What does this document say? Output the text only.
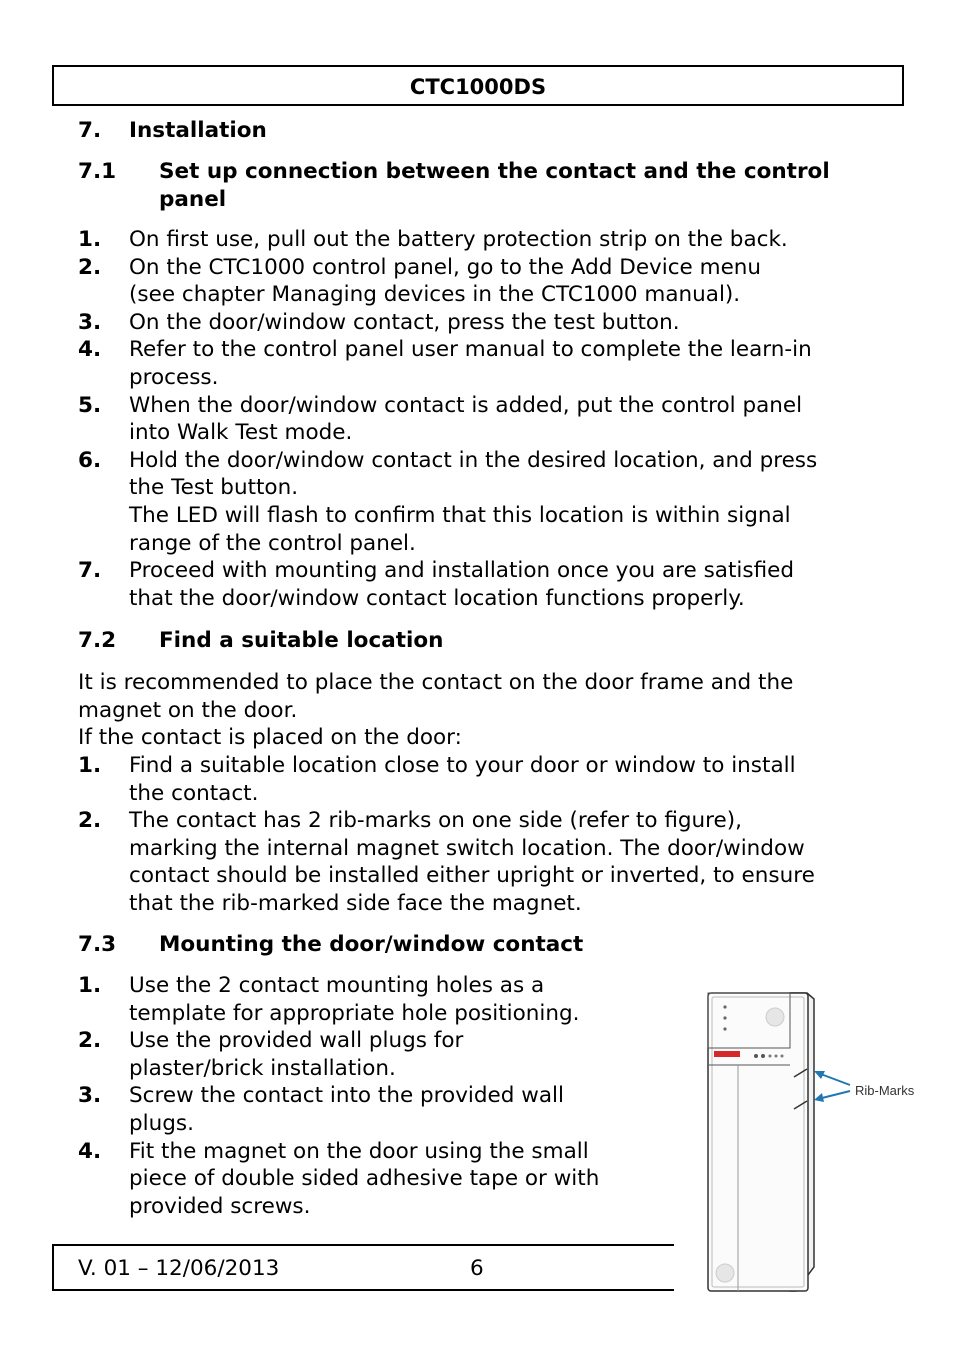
CTC1000DS
7. Installation
7.1 Set up connection between the contact and the control
panel
1. On first use, pull out the battery protection strip on the back.
2. On the CTC1000 control panel, go to the Add Device menu
(see chapter Managing devices in the CTC1000 manual).
3. On the door/window contact, press the test button.
4. Refer to the control panel user manual to complete the learn-in
process.
5. When the door/window contact is added, put the control panel
into Walk Test mode.
6. Hold the door/window contact in the desired location, and press
the Test button.
The LED will flash to confirm that this location is within signal
range of the control panel.
7. Proceed with mounting and installation once you are satisfied
that the door/window contact location functions properly.
7.2 Find a suitable location
It is recommended to place the contact on the door frame and the
magnet on the door.
If the contact is placed on the door:
1. Find a suitable location close to your door or window to install
the contact.
2. The contact has 2 rib-marks on one side (refer to figure),
marking the internal magnet switch location. The door/window
contact should be installed either upright or inverted, to ensure
that the rib-marked side face the magnet.
7.3 Mounting the door/window contact
1. Use the 2 contact mounting holes as a
template for appropriate hole positioning.
2. Use the provided wall plugs for
plaster/brick installation.
3. Screw the contact into the provided wall
plugs.
4. Fit the magnet on the door using the small
piece of double sided adhesive tape or with
provided screws.
Rib-Marks
V. 01 – 12/06/2013	6
